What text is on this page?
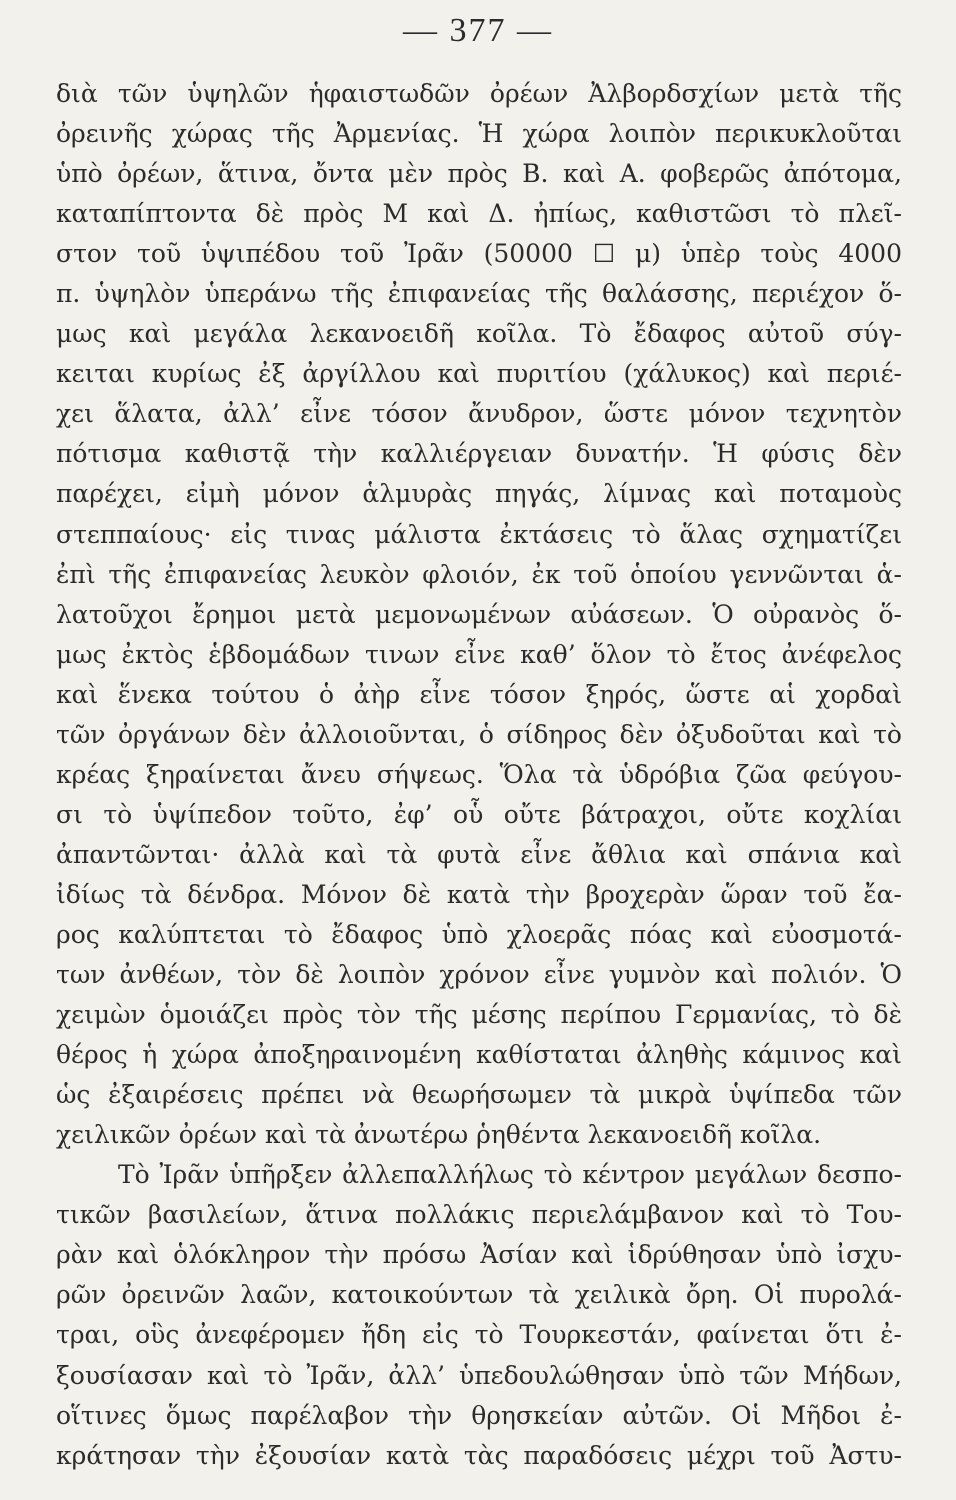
— 377 —
διὰ τῶν ὑψηλῶν ἡφαιστωδῶν ὀρέων Ἀλβορδσχίων μετὰ τῆς
ὀρεινῆς χώρας τῆς Ἀρμενίας. Ἡ χώρα λοιπὸν περικυκλοῦται
ὑπὸ ὀρέων, ἅτινα, ὄντα μὲν πρὸς Β. καὶ Α. φοβερῶς ἀπότομα,
καταπίπτοντα δὲ πρὸς Μ καὶ Δ. ἠπίως, καθιστῶσι τὸ πλεῖ-
στον τοῦ ὑψιπέδου τοῦ Ἰρᾶν (50000 ☐ μ) ὑπὲρ τοὺς 4000
π. ὑψηλὸν ὑπεράνω τῆς ἐπιφανείας τῆς θαλάσσης, περιέχον ὅ-
μως καὶ μεγάλα λεκανοειδῆ κοῖλα. Τὸ ἔδαφος αὐτοῦ σύγ-
κειται κυρίως ἐξ ἀργίλλου καὶ πυριτίου (χάλυκος) καὶ περιέ-
χει ἅλατα, ἀλλ’ εἶνε τόσον ἄνυδρον, ὥστε μόνον τεχνητὸν
πότισμα καθιστᾷ τὴν καλλιέργειαν δυνατήν. Ἡ φύσις δὲν
παρέχει, εἰμὴ μόνον ἁλμυρὰς πηγάς, λίμνας καὶ ποταμοὺς
στεππαίους· εἰς τινας μάλιστα ἐκτάσεις τὸ ἅλας σχηματίζει
ἐπὶ τῆς ἐπιφανείας λευκὸν φλοιόν, ἐκ τοῦ ὁποίου γεννῶνται ἁ-
λατοῦχοι ἔρημοι μετὰ μεμονωμένων αὐάσεων. Ὁ οὐρανὸς ὅ-
μως ἐκτὸς ἑβδομάδων τινων εἶνε καθ’ ὅλον τὸ ἔτος ἀνέφελος
καὶ ἕνεκα τούτου ὁ ἀὴρ εἶνε τόσον ξηρός, ὥστε αἱ χορδαὶ
τῶν ὀργάνων δὲν ἀλλοιοῦνται, ὁ σίδηρος δὲν ὀξυδοῦται καὶ τὸ
κρέας ξηραίνεται ἄνευ σήψεως. Ὅλα τὰ ὑδρόβια ζῶα φεύγου-
σι τὸ ὑψίπεδον τοῦτο, ἐφ’ οὗ οὔτε βάτραχοι, οὔτε κοχλίαι
ἀπαντῶνται· ἀλλὰ καὶ τὰ φυτὰ εἶνε ἄθλια καὶ σπάνια καὶ
ἰδίως τὰ δένδρα. Μόνον δὲ κατὰ τὴν βροχερὰν ὥραν τοῦ ἔα-
ρος καλύπτεται τὸ ἔδαφος ὑπὸ χλοερᾶς πόας καὶ εὐοσμοτά-
των ἀνθέων, τὸν δὲ λοιπὸν χρόνον εἶνε γυμνὸν καὶ πολιόν. Ὁ
χειμὼν ὁμοιάζει πρὸς τὸν τῆς μέσης περίπου Γερμανίας, τὸ δὲ
θέρος ἡ χώρα ἀποξηραινομένη καθίσταται ἀληθὴς κάμινος καὶ
ὡς ἐξαιρέσεις πρέπει νὰ θεωρήσωμεν τὰ μικρὰ ὑψίπεδα τῶν
χειλικῶν ὀρέων καὶ τὰ ἀνωτέρω ῥηθέντα λεκανοειδῆ κοῖλα.
Τὸ Ἰρᾶν ὑπῆρξεν ἀλλεπαλλήλως τὸ κέντρον μεγάλων δεσπο-
τικῶν βασιλείων, ἅτινα πολλάκις περιελάμβανον καὶ τὸ Του-
ρὰν καὶ ὁλόκληρον τὴν πρόσω Ἀσίαν καὶ ἱδρύθησαν ὑπὸ ἰσχυ-
ρῶν ὀρεινῶν λαῶν, κατοικούντων τὰ χειλικὰ ὄρη. Οἱ πυρολά-
τραι, οὓς ἀνεφέρομεν ἤδη εἰς τὸ Τουρκεστάν, φαίνεται ὅτι ἐ-
ξουσίασαν καὶ τὸ Ἰρᾶν, ἀλλ’ ὑπεδουλώθησαν ὑπὸ τῶν Μήδων,
οἵτινες ὅμως παρέλαβον τὴν θρησκείαν αὐτῶν. Οἱ Μῆδοι ἐ-
κράτησαν τὴν ἐξουσίαν κατὰ τὰς παραδόσεις μέχρι τοῦ Ἀστυ-
